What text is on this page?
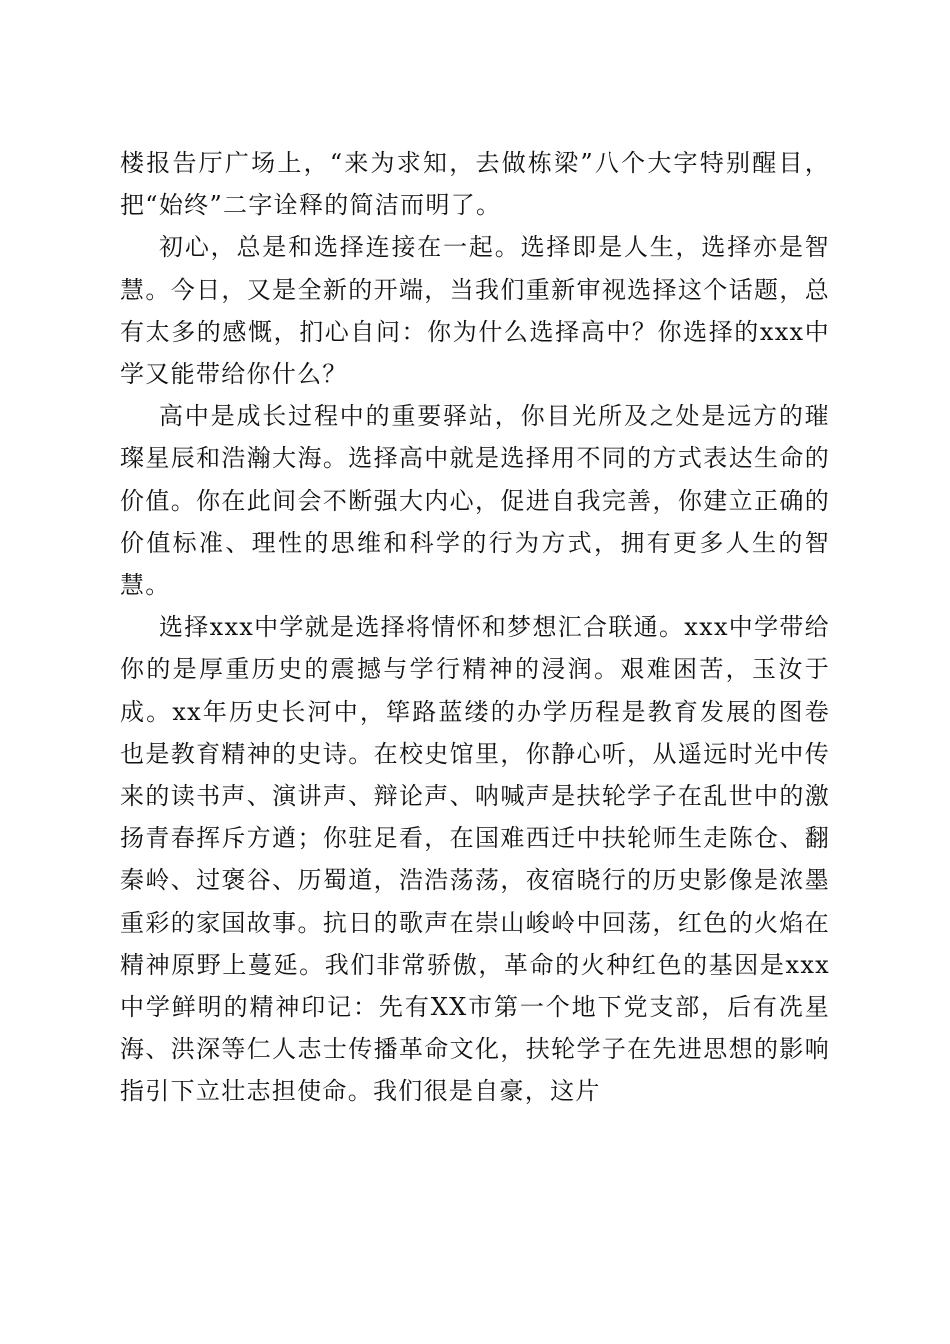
楼报告厅广场上，“来为求知，去做栋梁”八个大字特别醒目，把“始终”二字诠释的简洁而明了。

初心，总是和选择连接在一起。选择即是人生，选择亦是智慧。今日，又是全新的开端，当我们重新审视选择这个话题，总有太多的感慨，扪心自问：你为什么选择高中？你选择的xxx中学又能带给你什么？

高中是成长过程中的重要驿站，你目光所及之处是远方的璀璨星辰和浩瀚大海。选择高中就是选择用不同的方式表达生命的价值。你在此间会不断强大内心，促进自我完善，你建立正确的价值标准、理性的思维和科学的行为方式，拥有更多人生的智慧。

选择xxx中学就是选择将情怀和梦想汇合联通。xxx中学带给你的是厚重历史的震撼与学行精神的浸润。艰难困苦，玉汝于成。xx年历史长河中，筚路蓝缕的办学历程是教育发展的图卷也是教育精神的史诗。在校史馆里，你静心听，从遥远时光中传来的读书声、演讲声、辩论声、呐喊声是扶轮学子在乱世中的激扬青春挥斥方遒；你驻足看，在国难西迁中扶轮师生走陈仓、翻秦岭、过褒谷、历蜀道，浩浩荡荡，夜宿晓行的历史影像是浓墨重彩的家国故事。抗日的歌声在崇山峻岭中回荡，红色的火焰在精神原野上蔓延。我们非常骄傲，革命的火种红色的基因是xxx中学鲜明的精神印记：先有XX市第一个地下党支部，后有冼星海、洪深等仁人志士传播革命文化，扶轮学子在先进思想的影响指引下立壮志担使命。我们很是自豪，这片
